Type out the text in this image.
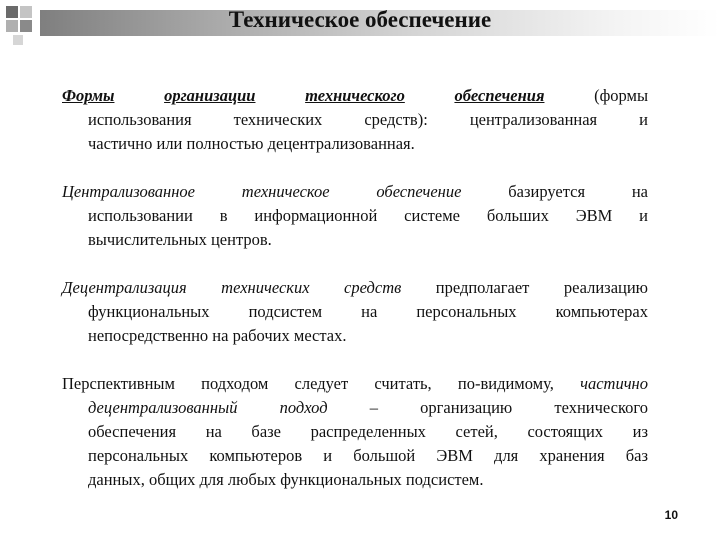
Техническое обеспечение
Формы	организации	технического	обеспечения	(формы
использования технических средств): централизованная и
частично или полностью децентрализованная.
Централизованное техническое обеспечение	базируется на
использовании в информационной системе больших ЭВМ и
вычислительных центров.
Децентрализация технических средств предполагает реализацию
функциональных подсистем на персональных компьютерах
непосредственно на рабочих местах.
Перспективным подходом следует считать, по-видимому, частично
децентрализованный подход	– организацию технического
обеспечения на базе распределенных сетей, состоящих из
персональных компьютеров и большой ЭВМ для хранения баз
данных, общих для любых функциональных подсистем.
10
